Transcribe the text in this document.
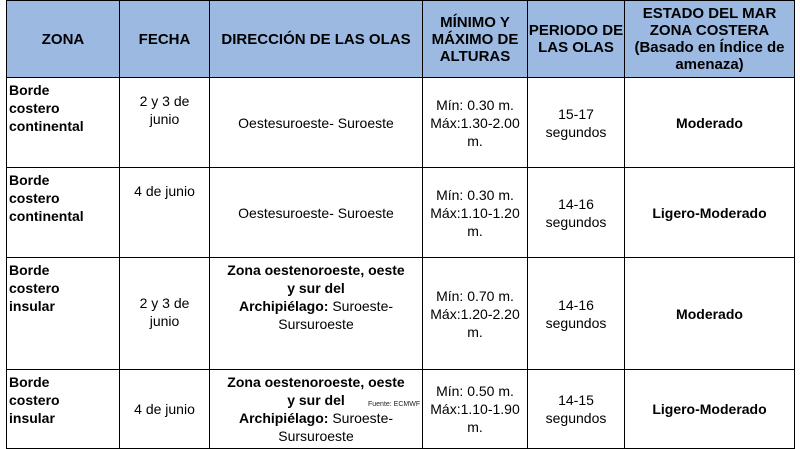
ZONA	FECHA	DIRECCIÓN DE LAS OLAS	MÍNIMO Y
MÁXIMO DE
ALTURAS	PERIODO DE
LAS OLAS	ESTADO DEL MAR
ZONA COSTERA
(Basado en Índice de
amenaza)

Borde
costero
continental	2 y 3 de
junio	Oestesuroeste- Suroeste	Mín: 0.30 m.
Máx:1.30-2.00
m.	15-17
segundos	Moderado

Borde
costero
continental	4 de junio	Oestesuroeste- Suroeste	Mín: 0.30 m.
Máx:1.10-1.20
m.	14-16
segundos	Ligero-Moderado

Borde
costero
insular	2 y 3 de
junio	Zona oestenoroeste, oeste
y sur del
Archipiélago: Suroeste-
Sursuroeste	Mín: 0.70 m.
Máx:1.20-2.20
m.	14-16
segundos	Moderado

Borde
costero
insular	4 de junio	Zona oestenoroeste, oeste
y sur del
Archipiélago: Suroeste-
Sursuroeste	Mín: 0.50 m.
Máx:1.10-1.90
m.	14-15
segundos	Ligero-Moderado
Fuente: ECMWF
